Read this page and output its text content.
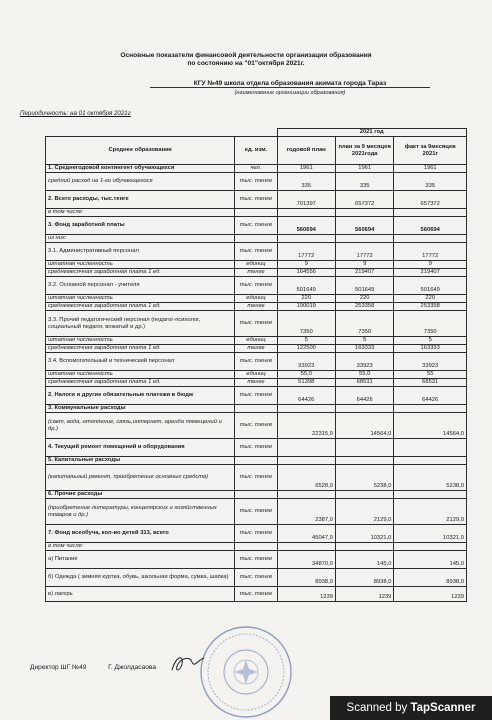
Основные показатели финансовой деятельности организации образования
по состоянию на "01"октября 2021г.
КГУ №49 школа отдела образования акимата города Тараз
(наименование организации образования)
Периодичность: на 01 октября 2021г
		2021 год		
Среднее образование	ед. изм.	годовой план	план за 9 месяцев 2021года	факт за 9месяцев 2021г
1. Среднегодовой контингент обучающихся	чел.	1961	1961	1961
средний расход на 1-го обучающегося	тыс. тенге	335	335	335
2. Всего расходы, тыс.тенге	тыс. тенге	701397	657372	657372
в том числе:				
3. Фонд заработной платы	тыс. тенге	560694	560694	560694
из них:				
3.1. Административный персонал	тыс. тенге	17772	17772	17772
штатная численность	единиц	9	9	9
среднемесячная заработная плата 1 ед.	тенге	164556	219407	219407
3.2. Основной персонал - учителя	тыс. тенге	501649	501649	501649
штатная численность	единиц	220	220	220
среднемесячная заработная плата 1 ед.	тенге	190019	253358	253358
3.3. Прочий педагогический персонал (педагог-психолог, социальный педагог, вожатый и др.)	тыс. тенге	7350	7350	7350
штатная численность	единиц	5	5	5
среднемесячная заработная плата 1 ед.	тенге	122500	163333	163333
3.4. Вспомогательный и технический персонал	тыс. тенге	33923	33923	33923
штатная численность	единиц	55,0	55,0	55
среднемесячная заработная плата 1 ед.	тенге	51398	68531	68531
2. Налоги и другие обязательные платежи в бюдж	тыс. тенге	64426	64426	64426
3. Коммунальные расходы				
(свет, вода, отопление, связь,интернет, аренда помещений и др.)	тыс. тенге	22315,0	14564,0	14564,0
4. Текущий ремонт помещений и оборудования	тыс. тенге			
5. Капитальные расходы				
(капитальный ремонт, приобретение основных средств)	тыс. тенге	6528,0	5238,0	5238,0
6. Прочие расходы				
(приобретение литературы, канцелярских и хозяйственных товаров и др.)	тыс. тенге	2387,0	2129,0	2129,0
7. Фонд всеобуча, кол-во детей 313, всего	тыс. тенге	45047,0	10321,0	10321,0
в том числе:				
а) Питание	тыс. тенге	34870,0	145,0	145,0
б) Одежда ( зимняя куртка, обувь, школьная форма, сумка, шапка)	тыс. тенге	8938,0	8938,0	8938,0
в) лагерь	тыс. тенге	1239	1239	1239
Директор ШГ №49	Г. Джолдасаова
Scanned by TapScanner
